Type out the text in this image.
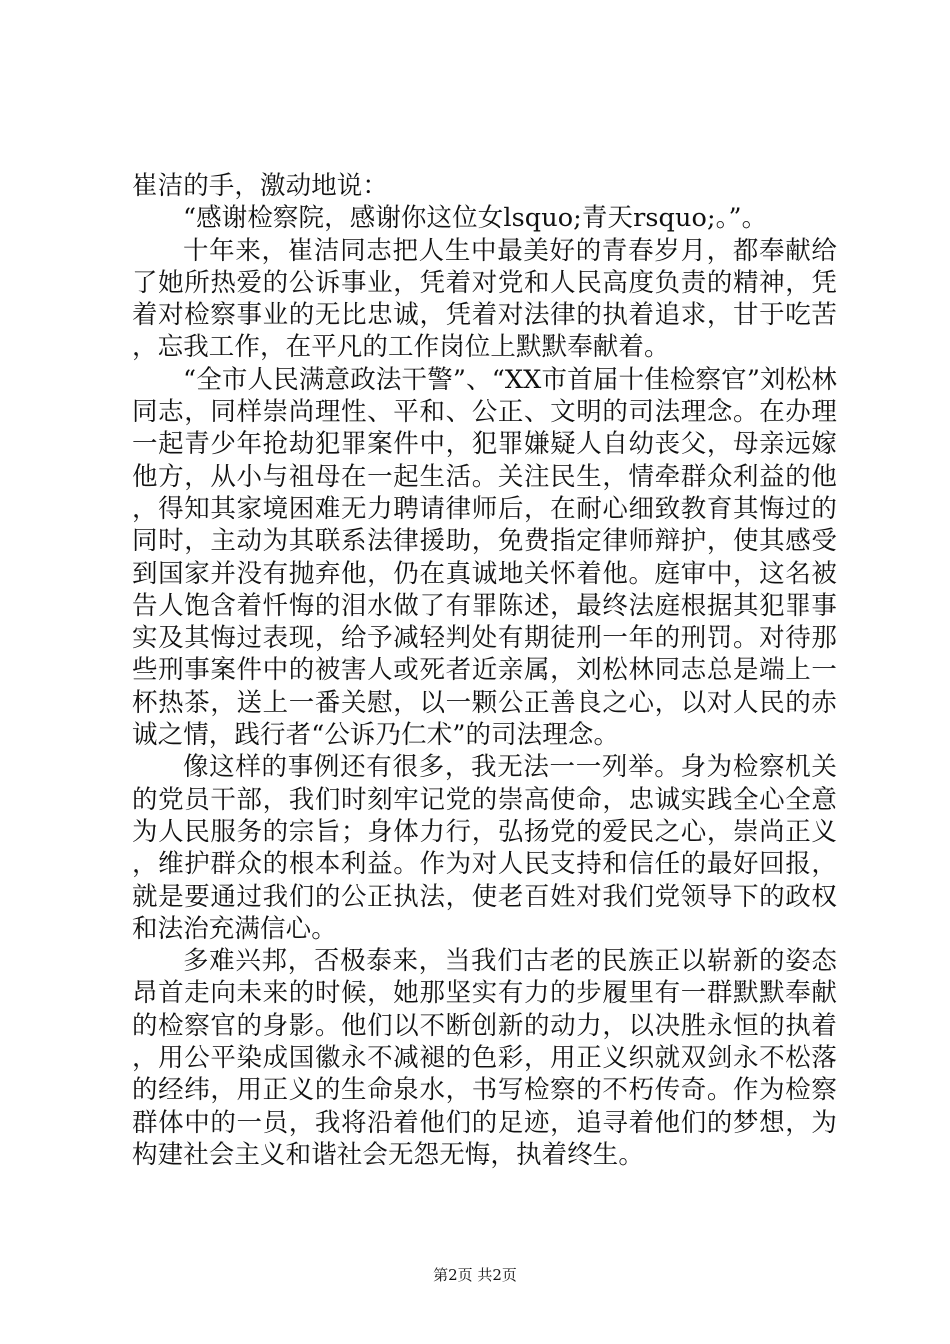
崔洁的手，激动地说：

“感谢检察院，感谢你这位女lsquo;青天rsquo;。”。

十年来，崔洁同志把人生中最美好的青春岁月，都奉献给了她所热爱的公诉事业，凭着对党和人民高度负责的精神，凭着对检察事业的无比忠诚，凭着对法律的执着追求，甘于吃苦，忘我工作，在平凡的工作岗位上默默奉献着。

“全市人民满意政法干警”、“XX市首届十佳检察官”刘松林同志，同样崇尚理性、平和、公正、文明的司法理念。在办理一起青少年抢劫犯罪案件中，犯罪嫌疑人自幼丧父，母亲远嫁他方，从小与祖母在一起生活。关注民生，情牵群众利益的他，得知其家境困难无力聘请律师后，在耐心细致教育其悔过的同时，主动为其联系法律援助，免费指定律师辩护，使其感受到国家并没有抛弃他，仍在真诚地关怀着他。庭审中，这名被告人饱含着忏悔的泪水做了有罪陈述，最终法庭根据其犯罪事实及其悔过表现，给予减轻判处有期徒刑一年的刑罚。对待那些刑事案件中的被害人或死者近亲属，刘松林同志总是端上一杯热茶，送上一番关慰，以一颗公正善良之心，以对人民的赤诚之情，践行者“公诉乃仁术”的司法理念。

像这样的事例还有很多，我无法一一列举。身为检察机关的党员干部，我们时刻牢记党的崇高使命，忠诚实践全心全意为人民服务的宗旨；身体力行，弘扬党的爱民之心，崇尚正义，维护群众的根本利益。作为对人民支持和信任的最好回报，就是要通过我们的公正执法，使老百姓对我们党领导下的政权和法治充满信心。

多难兴邦，否极泰来，当我们古老的民族正以崭新的姿态昂首走向未来的时候，她那坚实有力的步履里有一群默默奉献的检察官的身影。他们以不断创新的动力，以决胜永恒的执着，用公平染成国徽永不减褪的色彩，用正义织就双剑永不松落的经纬，用正义的生命泉水，书写检察的不朽传奇。作为检察群体中的一员，我将沿着他们的足迹，追寻着他们的梦想，为构建社会主义和谐社会无怨无悔，执着终生。

第2页 共2页
